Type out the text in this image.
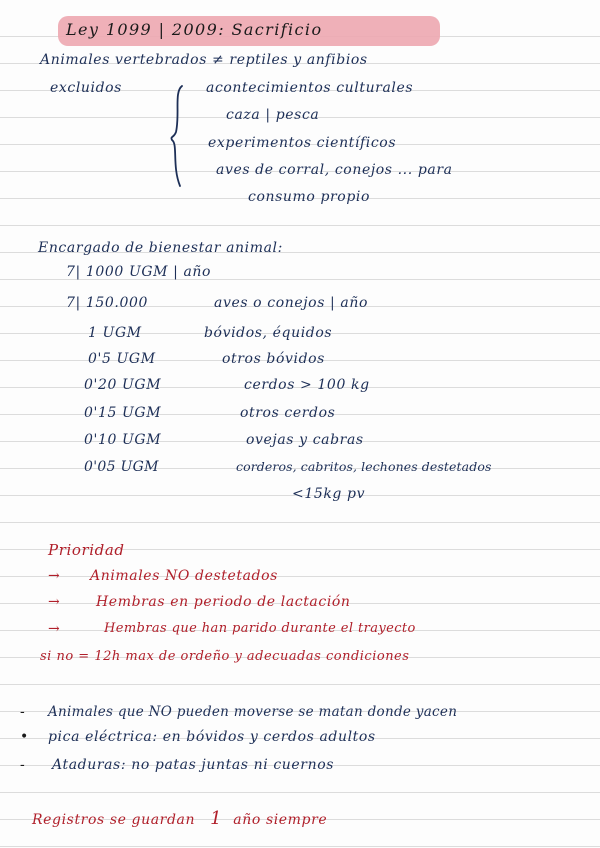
Ley 1099 | 2009: Sacrificio
Animales vertebrados ≠ reptiles y anfibios
excluidos	acontecimientos culturales
caza | pesca
experimentos científicos
aves de corral, conejos ... para
consumo propio
Encargado de bienestar animal:
7| 1000 UGM | año
7| 150.000	aves o conejos | año
1 UGM	bóvidos, équidos
0'5 UGM	otros bóvidos
0'20 UGM	cerdos > 100 kg
0'15 UGM	otros cerdos
0'10 UGM	ovejas y cabras
0'05 UGM	corderos, cabritos, lechones destetados
<15kg pv
Prioridad
→ Animales NO destetados
→	Hembras en periodo de lactación
→	Hembras que han parido durante el trayecto
si no = 12h max de ordeño y adecuadas condiciones
- Animales que NO pueden moverse se matan donde yacen
• pica eléctrica: en bóvidos y cerdos adultos
- Ataduras: no patas juntas ni cuernos
Registros se guardan 1 año siempre
